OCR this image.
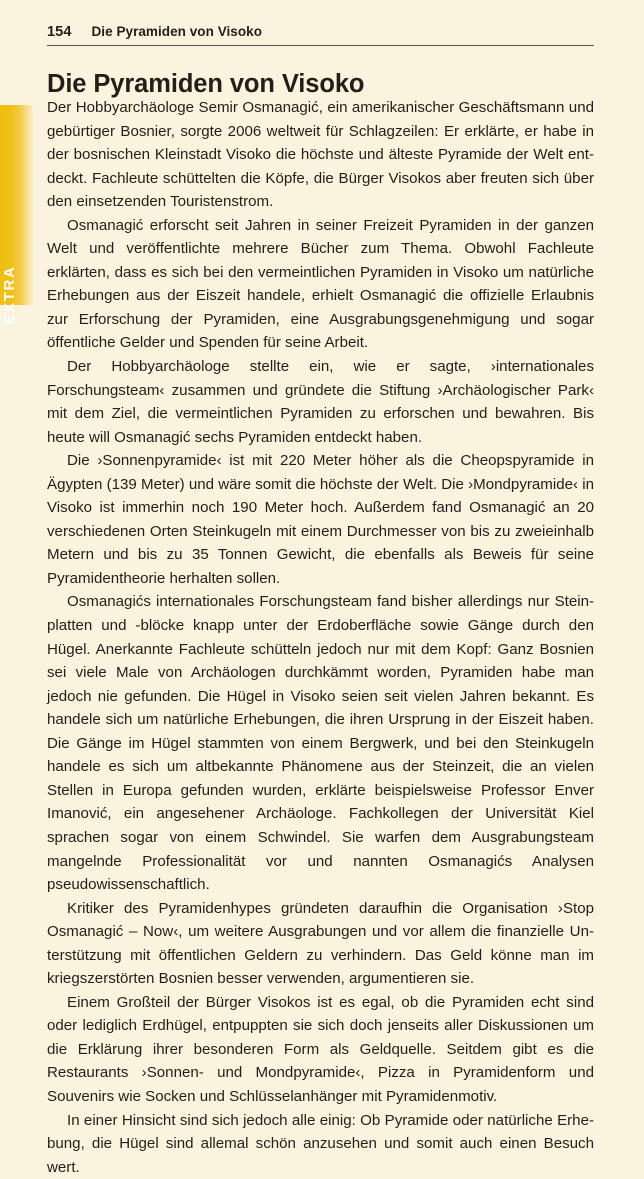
EXTRA
154 Die Pyramiden von Visoko
Die Pyramiden von Visoko

Der Hobbyarchäologe Semir Osmanagić, ein amerikanischer Geschäftsmann und gebürtiger Bosnier, sorgte 2006 weltweit für Schlagzeilen: Er erklärte, er habe in der bosnischen Kleinstadt Visoko die höchste und älteste Pyramide der Welt entdeckt. Fachleute schüttelten die Köpfe, die Bürger Visokos aber freuten sich über den einsetzenden Touristenstrom.

Osmanagić erforscht seit Jahren in seiner Freizeit Pyramiden in der ganzen Welt und veröffentlichte mehrere Bücher zum Thema. Obwohl Fachleute erklärten, dass es sich bei den vermeintlichen Pyramiden in Visoko um natürliche Erhebungen aus der Eiszeit handele, erhielt Osmanagić die offizielle Erlaubnis zur Erforschung der Pyramiden, eine Ausgrabungsgenehmigung und sogar öffentliche Gelder und Spenden für seine Arbeit.

Der Hobbyarchäologe stellte ein, wie er sagte, ›internationales Forschungsteam‹ zusammen und gründete die Stiftung ›Archäologischer Park‹ mit dem Ziel, die vermeintlichen Pyramiden zu erforschen und bewahren. Bis heute will Osmanagić sechs Pyramiden entdeckt haben.

Die ›Sonnenpyramide‹ ist mit 220 Meter höher als die Cheopspyramide in Ägypten (139 Meter) und wäre somit die höchste der Welt. Die ›Mondpyramide‹ in Visoko ist immerhin noch 190 Meter hoch. Außerdem fand Osmanagić an 20 verschiedenen Orten Steinkugeln mit einem Durchmesser von bis zu zweieinhalb Metern und bis zu 35 Tonnen Gewicht, die ebenfalls als Beweis für seine Pyramidentheorie herhalten sollen.

Osmanagićs internationales Forschungsteam fand bisher allerdings nur Steinplatten und -blöcke knapp unter der Erdoberfläche sowie Gänge durch den Hügel. Anerkannte Fachleute schütteln jedoch nur mit dem Kopf: Ganz Bosnien sei viele Male von Archäologen durchkämmt worden, Pyramiden habe man jedoch nie gefunden. Die Hügel in Visoko seien seit vielen Jahren bekannt. Es handele sich um natürliche Erhebungen, die ihren Ursprung in der Eiszeit haben. Die Gänge im Hügel stammten von einem Bergwerk, und bei den Steinkugeln handele es sich um altbekannte Phänomene aus der Steinzeit, die an vielen Stellen in Europa gefunden wurden, erklärte beispielsweise Professor Enver Imanović, ein angesehener Archäologe. Fachkollegen der Universität Kiel sprachen sogar von einem Schwindel. Sie warfen dem Ausgrabungsteam mangelnde Professionalität vor und nannten Osmanagićs Analysen pseudowissenschaftlich.

Kritiker des Pyramidenhypes gründeten daraufhin die Organisation ›Stop Osmanagić – Now‹, um weitere Ausgrabungen und vor allem die finanzielle Unterstützung mit öffentlichen Geldern zu verhindern. Das Geld könne man im kriegszerstörten Bosnien besser verwenden, argumentieren sie.

Einem Großteil der Bürger Visokos ist es egal, ob die Pyramiden echt sind oder lediglich Erdhügel, entpuppten sie sich doch jenseits aller Diskussionen um die Erklärung ihrer besonderen Form als Geldquelle. Seitdem gibt es die Restaurants ›Sonnen- und Mondpyramide‹, Pizza in Pyramidenform und Souvenirs wie Socken und Schlüsselanhänger mit Pyramidenmotiv.

In einer Hinsicht sind sich jedoch alle einig: Ob Pyramide oder natürliche Erhebung, die Hügel sind allemal schön anzusehen und somit auch einen Besuch wert.
